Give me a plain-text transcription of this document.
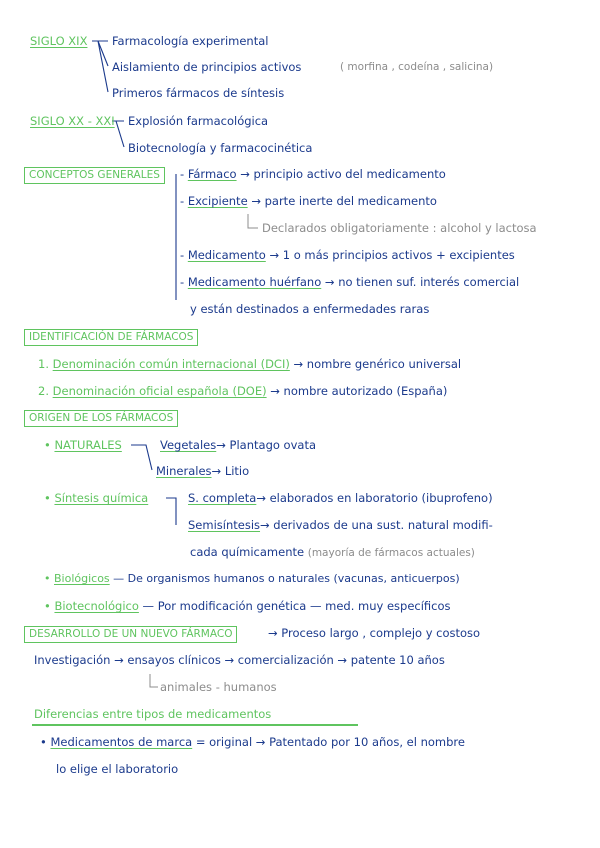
SIGLO XIX Farmacología experimental
Aislamiento de principios activos	( morfina , codeína , salicina)
Primeros fármacos de síntesis
SIGLO XX - XXI Explosión farmacológica
Biotecnología y farmacocinética
CONCEPTOS GENERALES	- Fármaco → principio activo del medicamento
- Excipiente → parte inerte del medicamento
Declarados obligatoriamente : alcohol y lactosa
- Medicamento → 1 o más principios activos + excipientes
- Medicamento huérfano → no tienen suf. interés comercial
y están destinados a enfermedades raras
IDENTIFICACIÓN DE FÁRMACOS
1. Denominación común internacional (DCI) → nombre genérico universal
2. Denominación oficial española (DOE) → nombre autorizado (España)
ORIGEN DE LOS FÁRMACOS
• NATURALES	Vegetales→ Plantago ovata
Minerales→ Litio
• Síntesis química	S. completa→ elaborados en laboratorio (ibuprofeno)
Semisíntesis→ derivados de una sust. natural modifi-
cada químicamente (mayoría de fármacos actuales)
• Biológicos — De organismos humanos o naturales (vacunas, anticuerpos)
• Biotecnológico — Por modificación genética — med. muy específicos
DESARROLLO DE UN NUEVO FÁRMACO	→ Proceso largo , complejo y costoso
Investigación → ensayos clínicos → comercialización → patente 10 años
animales - humanos
Diferencias entre tipos de medicamentos
• Medicamentos de marca = original → Patentado por 10 años, el nombre
lo elige el laboratorio
